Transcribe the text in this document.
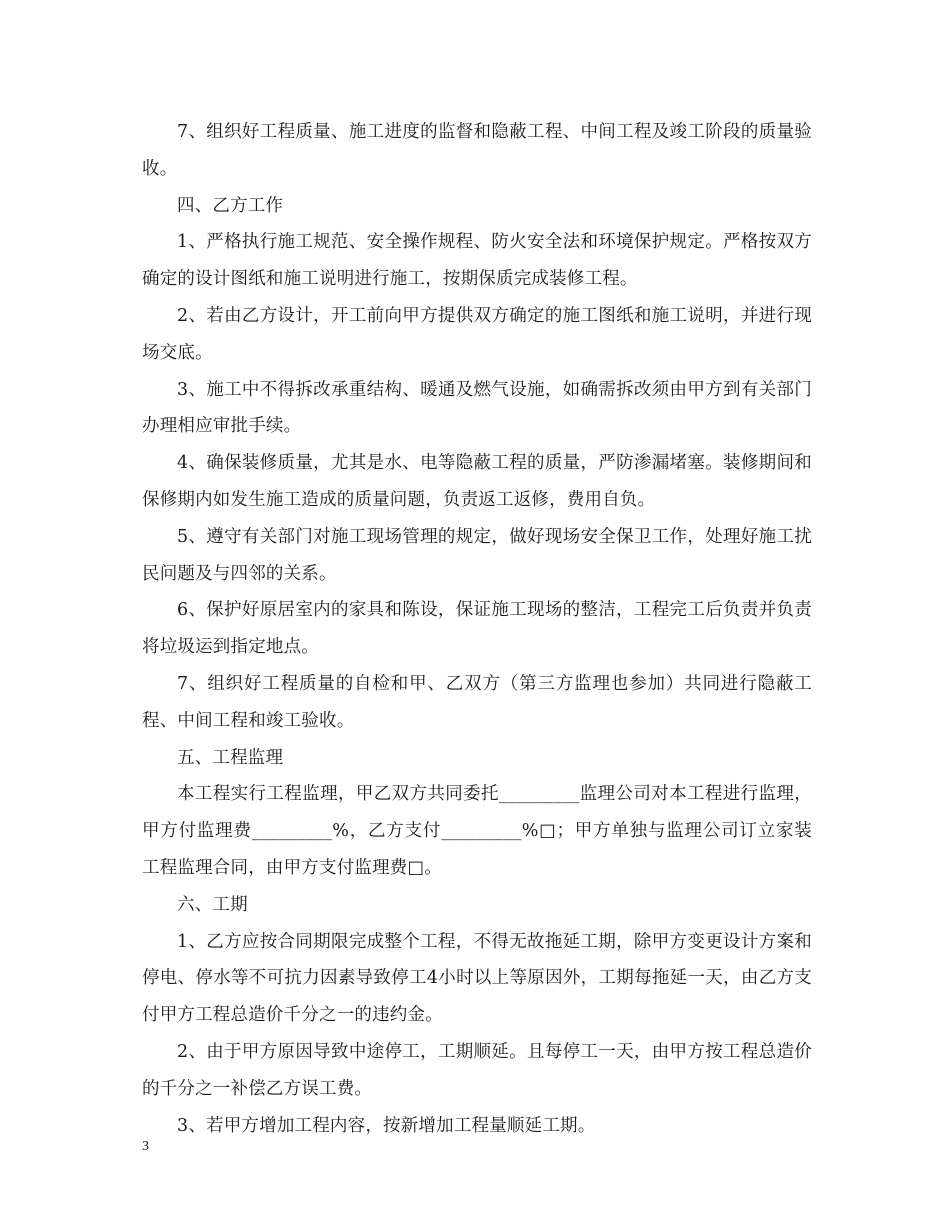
7、组织好工程质量、施工进度的监督和隐蔽工程、中间工程及竣工阶段的质量验收。

四、乙方工作

1、严格执行施工规范、安全操作规程、防火安全法和环境保护规定。严格按双方确定的设计图纸和施工说明进行施工，按期保质完成装修工程。

2、若由乙方设计，开工前向甲方提供双方确定的施工图纸和施工说明，并进行现场交底。

3、施工中不得拆改承重结构、暖通及燃气设施，如确需拆改须由甲方到有关部门办理相应审批手续。

4、确保装修质量，尤其是水、电等隐蔽工程的质量，严防渗漏堵塞。装修期间和保修期内如发生施工造成的质量问题，负责返工返修，费用自负。

5、遵守有关部门对施工现场管理的规定，做好现场安全保卫工作，处理好施工扰民问题及与四邻的关系。

6、保护好原居室内的家具和陈设，保证施工现场的整洁，工程完工后负责并负责将垃圾运到指定地点。

7、组织好工程质量的自检和甲、乙双方（第三方监理也参加）共同进行隐蔽工程、中间工程和竣工验收。

五、工程监理

本工程实行工程监理，甲乙双方共同委托_________监理公司对本工程进行监理，甲方付监理费_________%，乙方支付_________%□；甲方单独与监理公司订立家装工程监理合同，由甲方支付监理费□。

六、工期

1、乙方应按合同期限完成整个工程，不得无故拖延工期，除甲方变更设计方案和停电、停水等不可抗力因素导致停工4小时以上等原因外，工期每拖延一天，由乙方支付甲方工程总造价千分之一的违约金。

2、由于甲方原因导致中途停工，工期顺延。且每停工一天，由甲方按工程总造价的千分之一补偿乙方误工费。

3、若甲方增加工程内容，按新增加工程量顺延工期。

3
